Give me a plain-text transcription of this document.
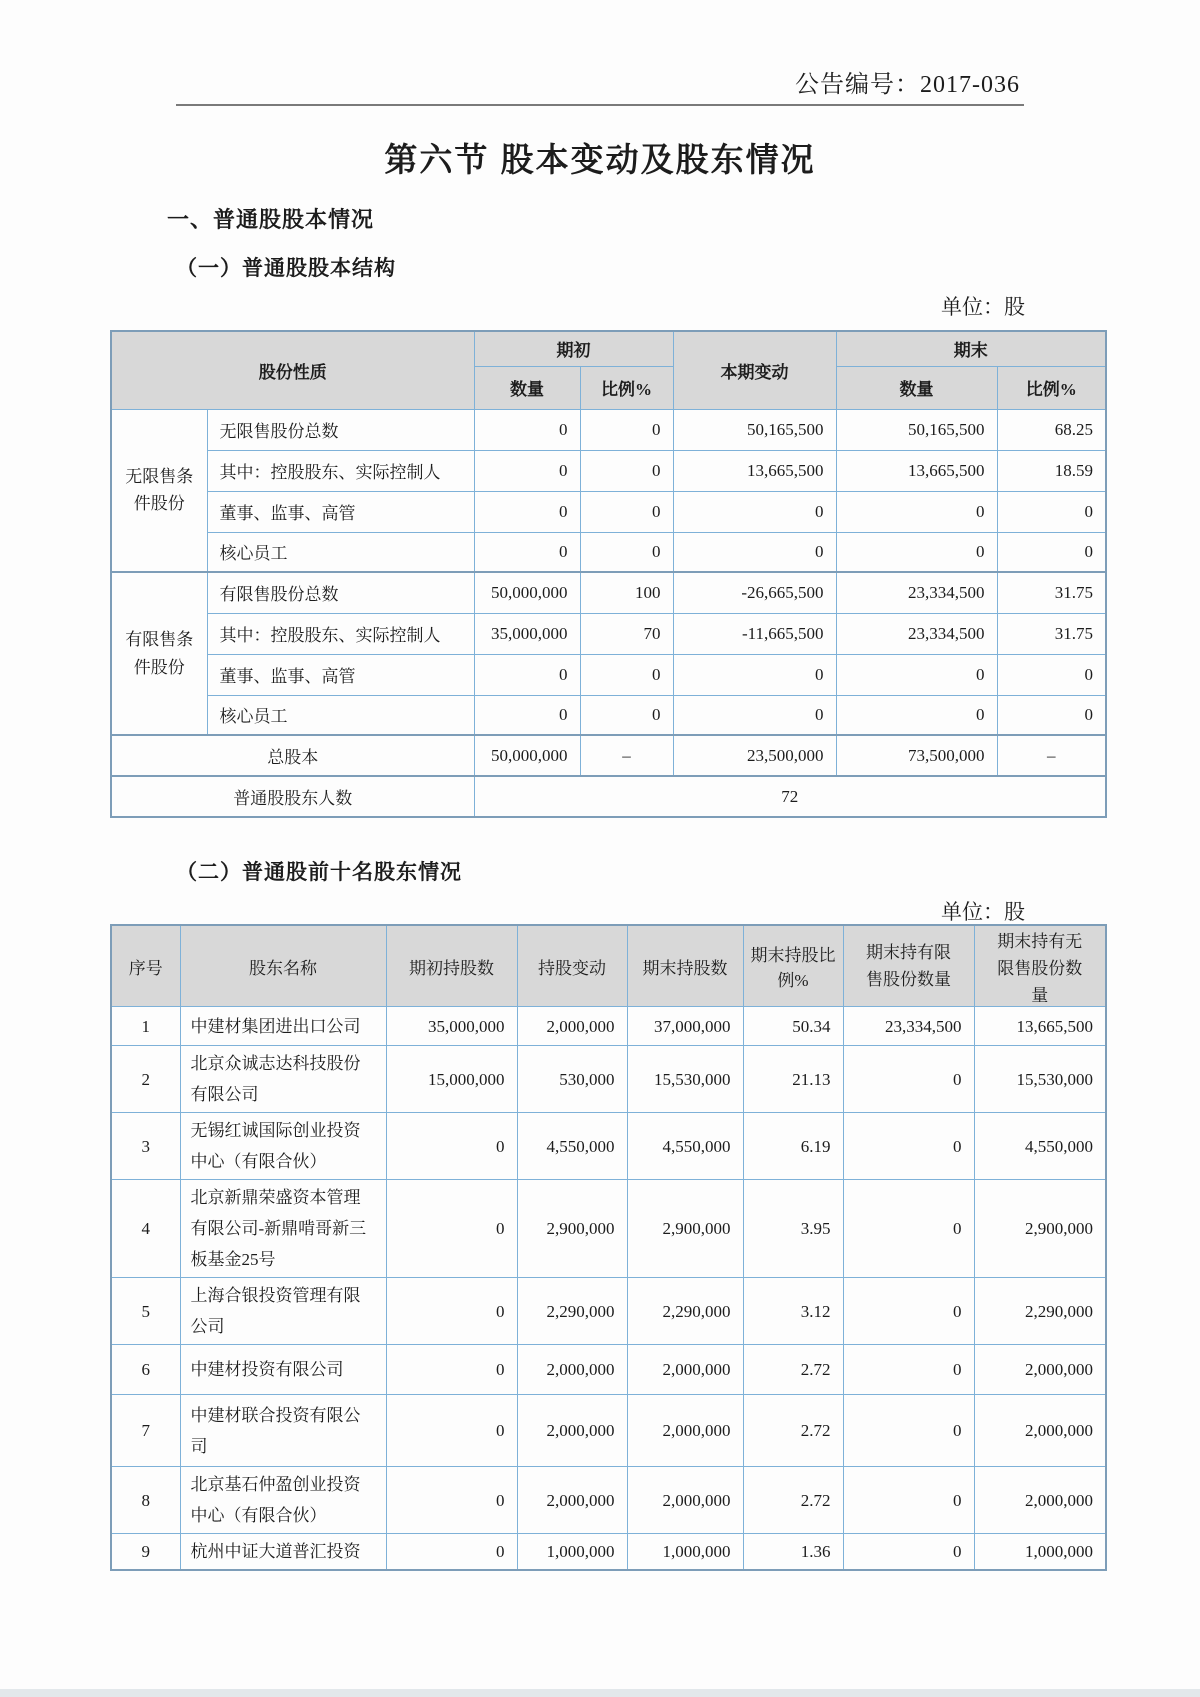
公告编号：2017-036
第六节 股本变动及股东情况
一、普通股股本情况
（一）普通股股本结构
单位：股
股份性质		期初		本期变动	期末	
		数量	比例%		数量	比例%
无限售条件股份	无限售股份总数	0	0	50,165,500	50,165,500	68.25
	其中：控股股东、实际控制人	0	0	13,665,500	13,665,500	18.59
	董事、监事、高管	0	0	0	0	0
	核心员工	0	0	0	0	0
有限售条件股份	有限售股份总数	50,000,000	100	-26,665,500	23,334,500	31.75
	其中：控股股东、实际控制人	35,000,000	70	-11,665,500	23,334,500	31.75
	董事、监事、高管	0	0	0	0	0
	核心员工	0	0	0	0	0
总股本		50,000,000	–	23,500,000	73,500,000	–
普通股股东人数		72				
（二）普通股前十名股东情况
单位：股
序号	股东名称	期初持股数	持股变动	期末持股数	期末持股比例%	期末持有限售股份数量	期末持有无限售股份数量

1	中建材集团进出口公司	35,000,000	2,000,000	37,000,000	50.34	23,334,500	13,665,500
2	北京众诚志达科技股份有限公司	15,000,000	530,000	15,530,000	21.13	0	15,530,000
3	无锡红诚国际创业投资中心（有限合伙）	0	4,550,000	4,550,000	6.19	0	4,550,000
4	北京新鼎荣盛资本管理有限公司-新鼎啃哥新三板基金25号	0	2,900,000	2,900,000	3.95	0	2,900,000
5	上海合银投资管理有限公司	0	2,290,000	2,290,000	3.12	0	2,290,000
6	中建材投资有限公司	0	2,000,000	2,000,000	2.72	0	2,000,000
7	中建材联合投资有限公司	0	2,000,000	2,000,000	2.72	0	2,000,000
8	北京基石仲盈创业投资中心（有限合伙）	0	2,000,000	2,000,000	2.72	0	2,000,000
9	杭州中证大道普汇投资	0	1,000,000	1,000,000	1.36	0	1,000,000
